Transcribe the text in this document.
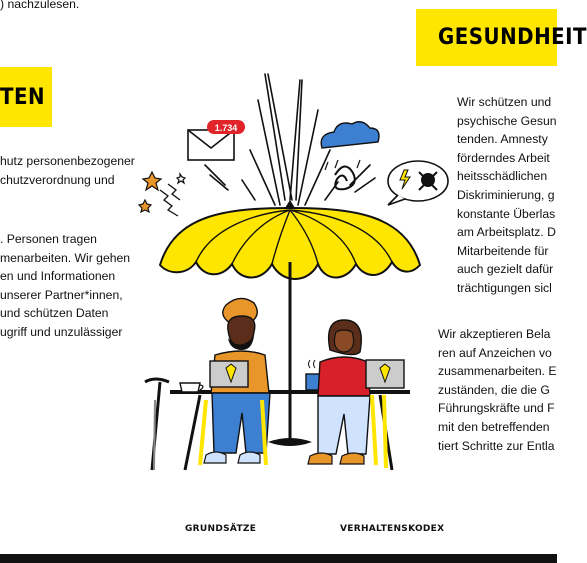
) nachzulesen.
TEN
GESUNDHEIT
hutz personenbezogener
chutzverordnung und
. Personen tragen
menarbeiten. Wir gehen
en und Informationen
unserer Partner*innen,
und schützen Daten
ugriff und unzulässiger
Wir schützen und
psychische Gesun
tenden. Amnesty
förderndes Arbeit
heitsschädlichen
Diskriminierung, g
konstante Überlas
am Arbeitsplatz. D
Mitarbeitende für
auch gezielt dafür
trächtigungen sicl
Wir akzeptieren Bela
ren auf Anzeichen vo
zusammenarbeiten. E
zuständen, die die G
Führungskräfte und F
mit den betreffenden
tiert Schritte zur Entla
1.734
GRUNDSÄTZE	VERHALTENSKODEX
